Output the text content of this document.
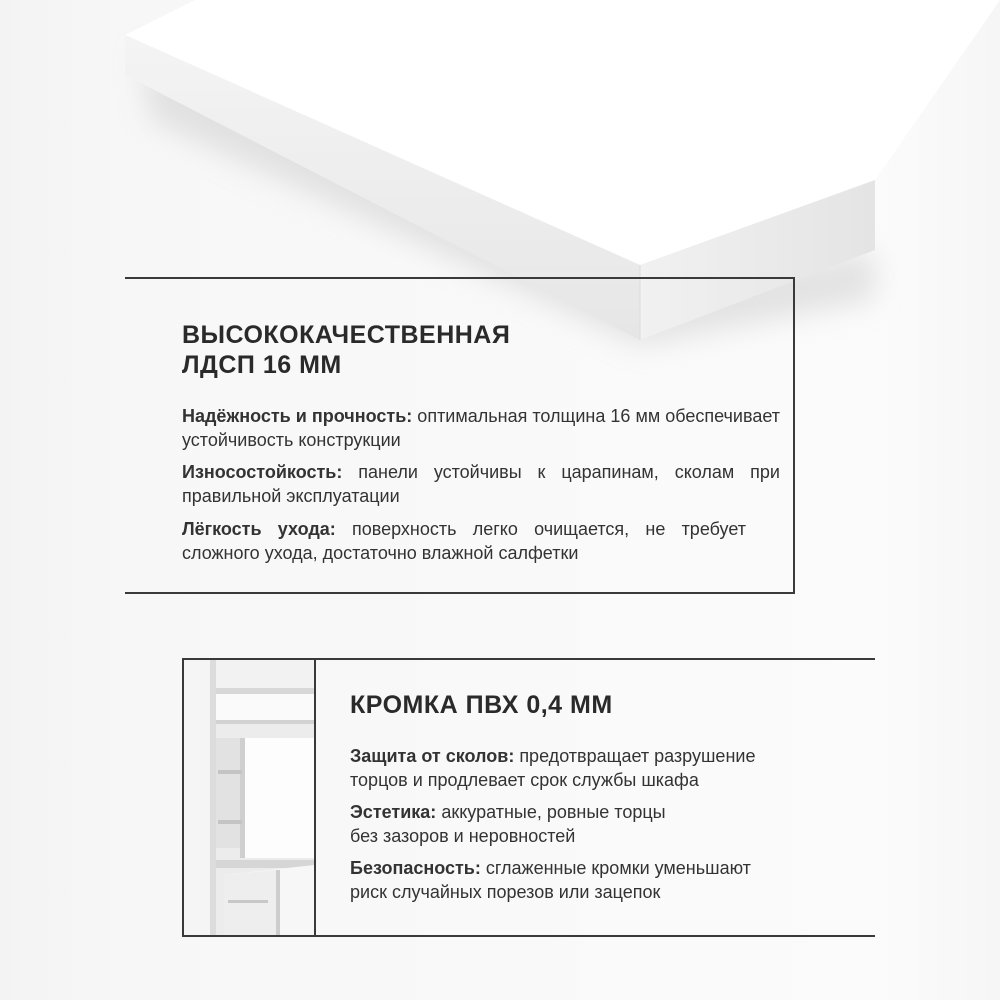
ВЫСОКОКАЧЕСТВЕННАЯ
ЛДСП 16 ММ

Надёжность и прочность: оптимальная толщина 16 мм обеспечивает устойчивость конструкции

Износостойкость: панели устойчивы к царапинам, сколам при правильной эксплуатации

Лёгкость ухода: поверхность легко очищается, не требует сложного ухода, достаточно влажной салфетки

КРОМКА ПВХ 0,4 ММ

Защита от сколов: предотвращает разрушение
торцов и продлевает срок службы шкафа

Эстетика: аккуратные, ровные торцы
без зазоров и неровностей

Безопасность: сглаженные кромки уменьшают
риск случайных порезов или зацепок
